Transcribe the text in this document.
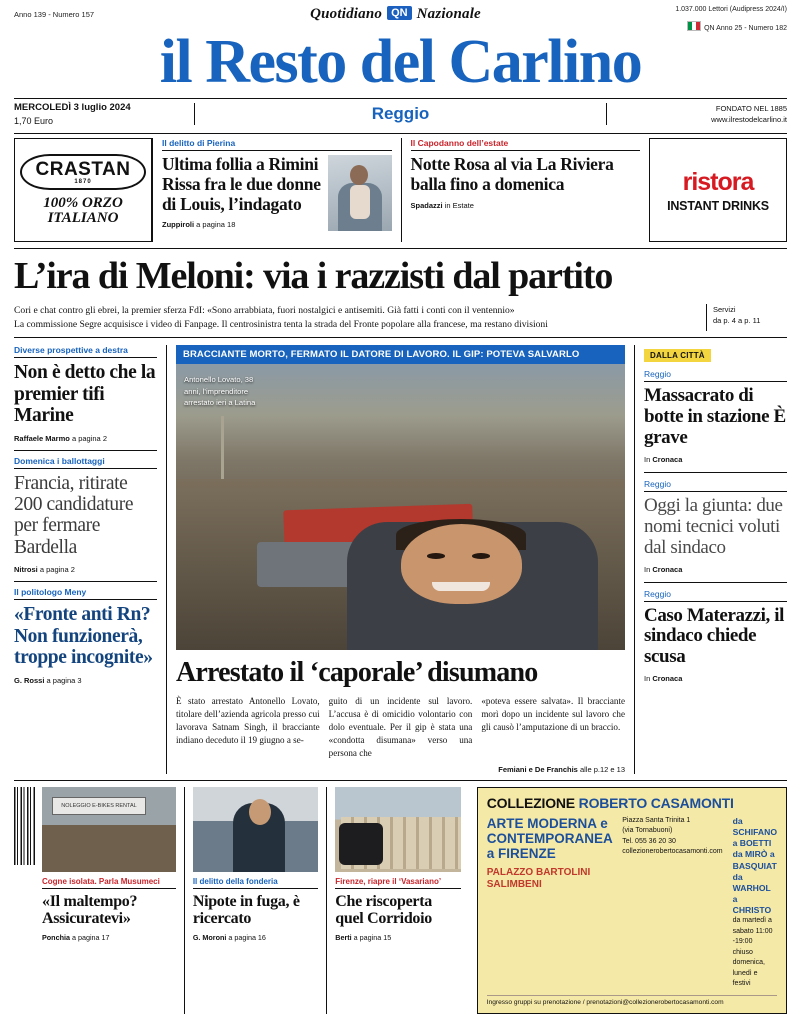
Anno 139 - Numero 157	Quotidiano QN Nazionale	1.037.000 Lettori (Audipress 2024/I)
QN Anno 25 - Numero 182
il Resto del Carlino
MERCOLEDÌ 3 luglio 2024
1,70 Euro	Reggio	FONDATO NEL 1885
www.ilrestodelcarlino.it
CRASTAN
1870
100% ORZO ITALIANO
Il delitto di Pierina
Ultima follia a Rimini Rissa fra le due donne di Louis, l’indagato
Zuppiroli a pagina 18
Il Capodanno dell’estate
Notte Rosa al via La Riviera balla fino a domenica
Spadazzi in Estate
ristora
INSTANT DRINKS
L’ira di Meloni: via i razzisti dal partito

Cori e chat contro gli ebrei, la premier sferza FdI: «Sono arrabbiata, fuori nostalgici e antisemiti. Già fatti i conti con il ventennio»

La commissione Segre acquisisce i video di Fanpage. Il centrosinistra tenta la strada del Fronte popolare alla francese, ma restano divisioni

Servizi
da p. 4 a p. 11
Diverse prospettive a destra
Non è detto che la premier tifi Marine
Raffaele Marmo a pagina 2
Domenica i ballottaggi
Francia, ritirate 200 candidature per fermare Bardella
Nitrosi a pagina 2
Il politologo Meny
«Fronte anti Rn? Non funzionerà, troppe incognite»
G. Rossi a pagina 3
BRACCIANTE MORTO, FERMATO IL DATORE DI LAVORO. IL GIP: POTEVA SALVARLO
Antonello Lovato, 38 anni, l’imprenditore arrestato ieri a Latina
Arrestato il ‘caporale’ disumano

È stato arrestato Antonello Lovato, titolare dell’azienda agricola presso cui lavorava Satnam Singh, il bracciante indiano deceduto il 19 giugno a se-

guito di un incidente sul lavoro. L’accusa è di omicidio volontario con dolo eventuale. Per il gip è stata una «condotta disumana» verso una persona che

«poteva essere salvata». Il bracciante morì dopo un incidente sul lavoro che gli causò l’amputazione di un braccio.

Femiani e De Franchis alle p.12 e 13
DALLA CITTÀ
Reggio
Massacrato di botte in stazione È grave
In Cronaca
Reggio
Oggi la giunta: due nomi tecnici voluti dal sindaco
In Cronaca
Reggio
Caso Materazzi, il sindaco chiede scusa
In Cronaca
NOLEGGIO E-BIKES RENTAL
Cogne isolata. Parla Musumeci
«Il maltempo? Assicuratevi»
Ponchia a pagina 17
Il delitto della fonderia
Nipote in fuga, è ricercato
G. Moroni a pagina 16
Firenze, riapre il ‘Vasariano’
Che riscoperta quel Corridoio
Berti a pagina 15
COLLEZIONE ROBERTO CASAMONTI
ARTE MODERNA e CONTEMPORANEA a FIRENZE
PALAZZO BARTOLINI SALIMBENI
Piazza Santa Trinita 1
(via Tornabuoni)
Tel. 055 36 20 30
collezionerobertocasamonti.com
da SCHIFANO a BOETTI da MIRÒ a BASQUIAT da WARHOL a CHRISTO
da martedì a sabato 11:00 -19:00
chiuso domenica, lunedì e festivi
Ingresso gruppi su prenotazione / prenotazioni@collezionerobertocasamonti.com
